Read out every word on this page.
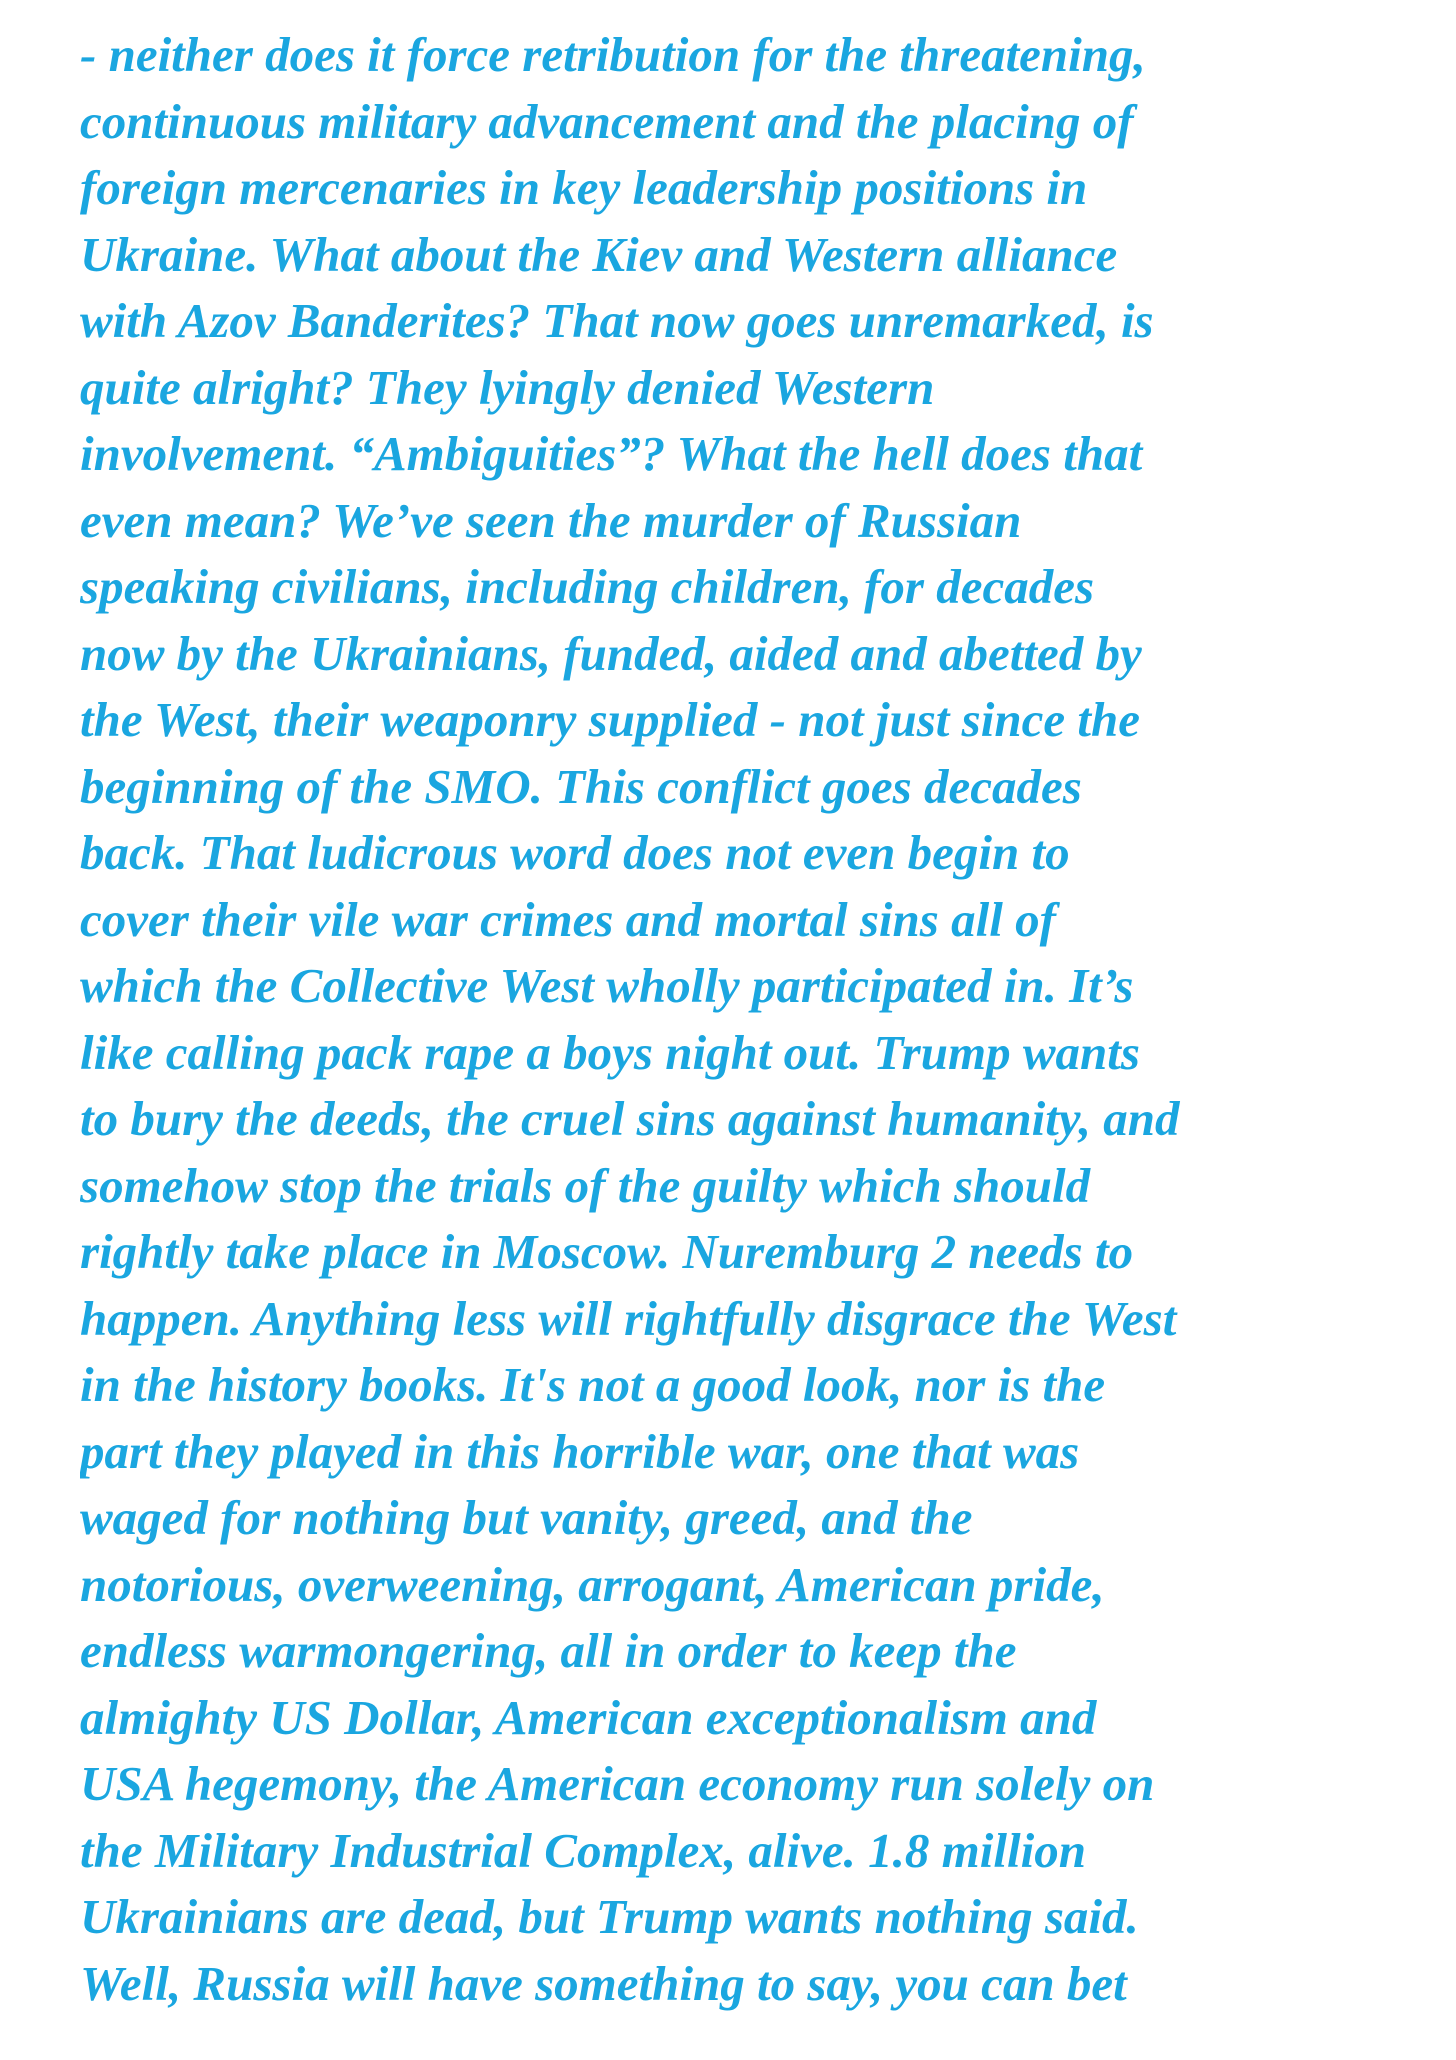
- neither does it force retribution for the threatening,
continuous military advancement and the placing of
foreign mercenaries in key leadership positions in
Ukraine. What about the Kiev and Western alliance
with Azov Banderites? That now goes unremarked, is
quite alright? They lyingly denied Western
involvement. “Ambiguities”? What the hell does that
even mean? We’ve seen the murder of Russian
speaking civilians, including children, for decades
now by the Ukrainians, funded, aided and abetted by
the West, their weaponry supplied - not just since the
beginning of the SMO. This conflict goes decades
back. That ludicrous word does not even begin to
cover their vile war crimes and mortal sins all of
which the Collective West wholly participated in. It’s
like calling pack rape a boys night out. Trump wants
to bury the deeds, the cruel sins against humanity, and
somehow stop the trials of the guilty which should
rightly take place in Moscow. Nuremburg 2 needs to
happen. Anything less will rightfully disgrace the West
in the history books. It's not a good look, nor is the
part they played in this horrible war, one that was
waged for nothing but vanity, greed, and the
notorious, overweening, arrogant, American pride,
endless warmongering, all in order to keep the
almighty US Dollar, American exceptionalism and
USA hegemony, the American economy run solely on
the Military Industrial Complex, alive. 1.8 million
Ukrainians are dead, but Trump wants nothing said.
Well, Russia will have something to say, you can bet
